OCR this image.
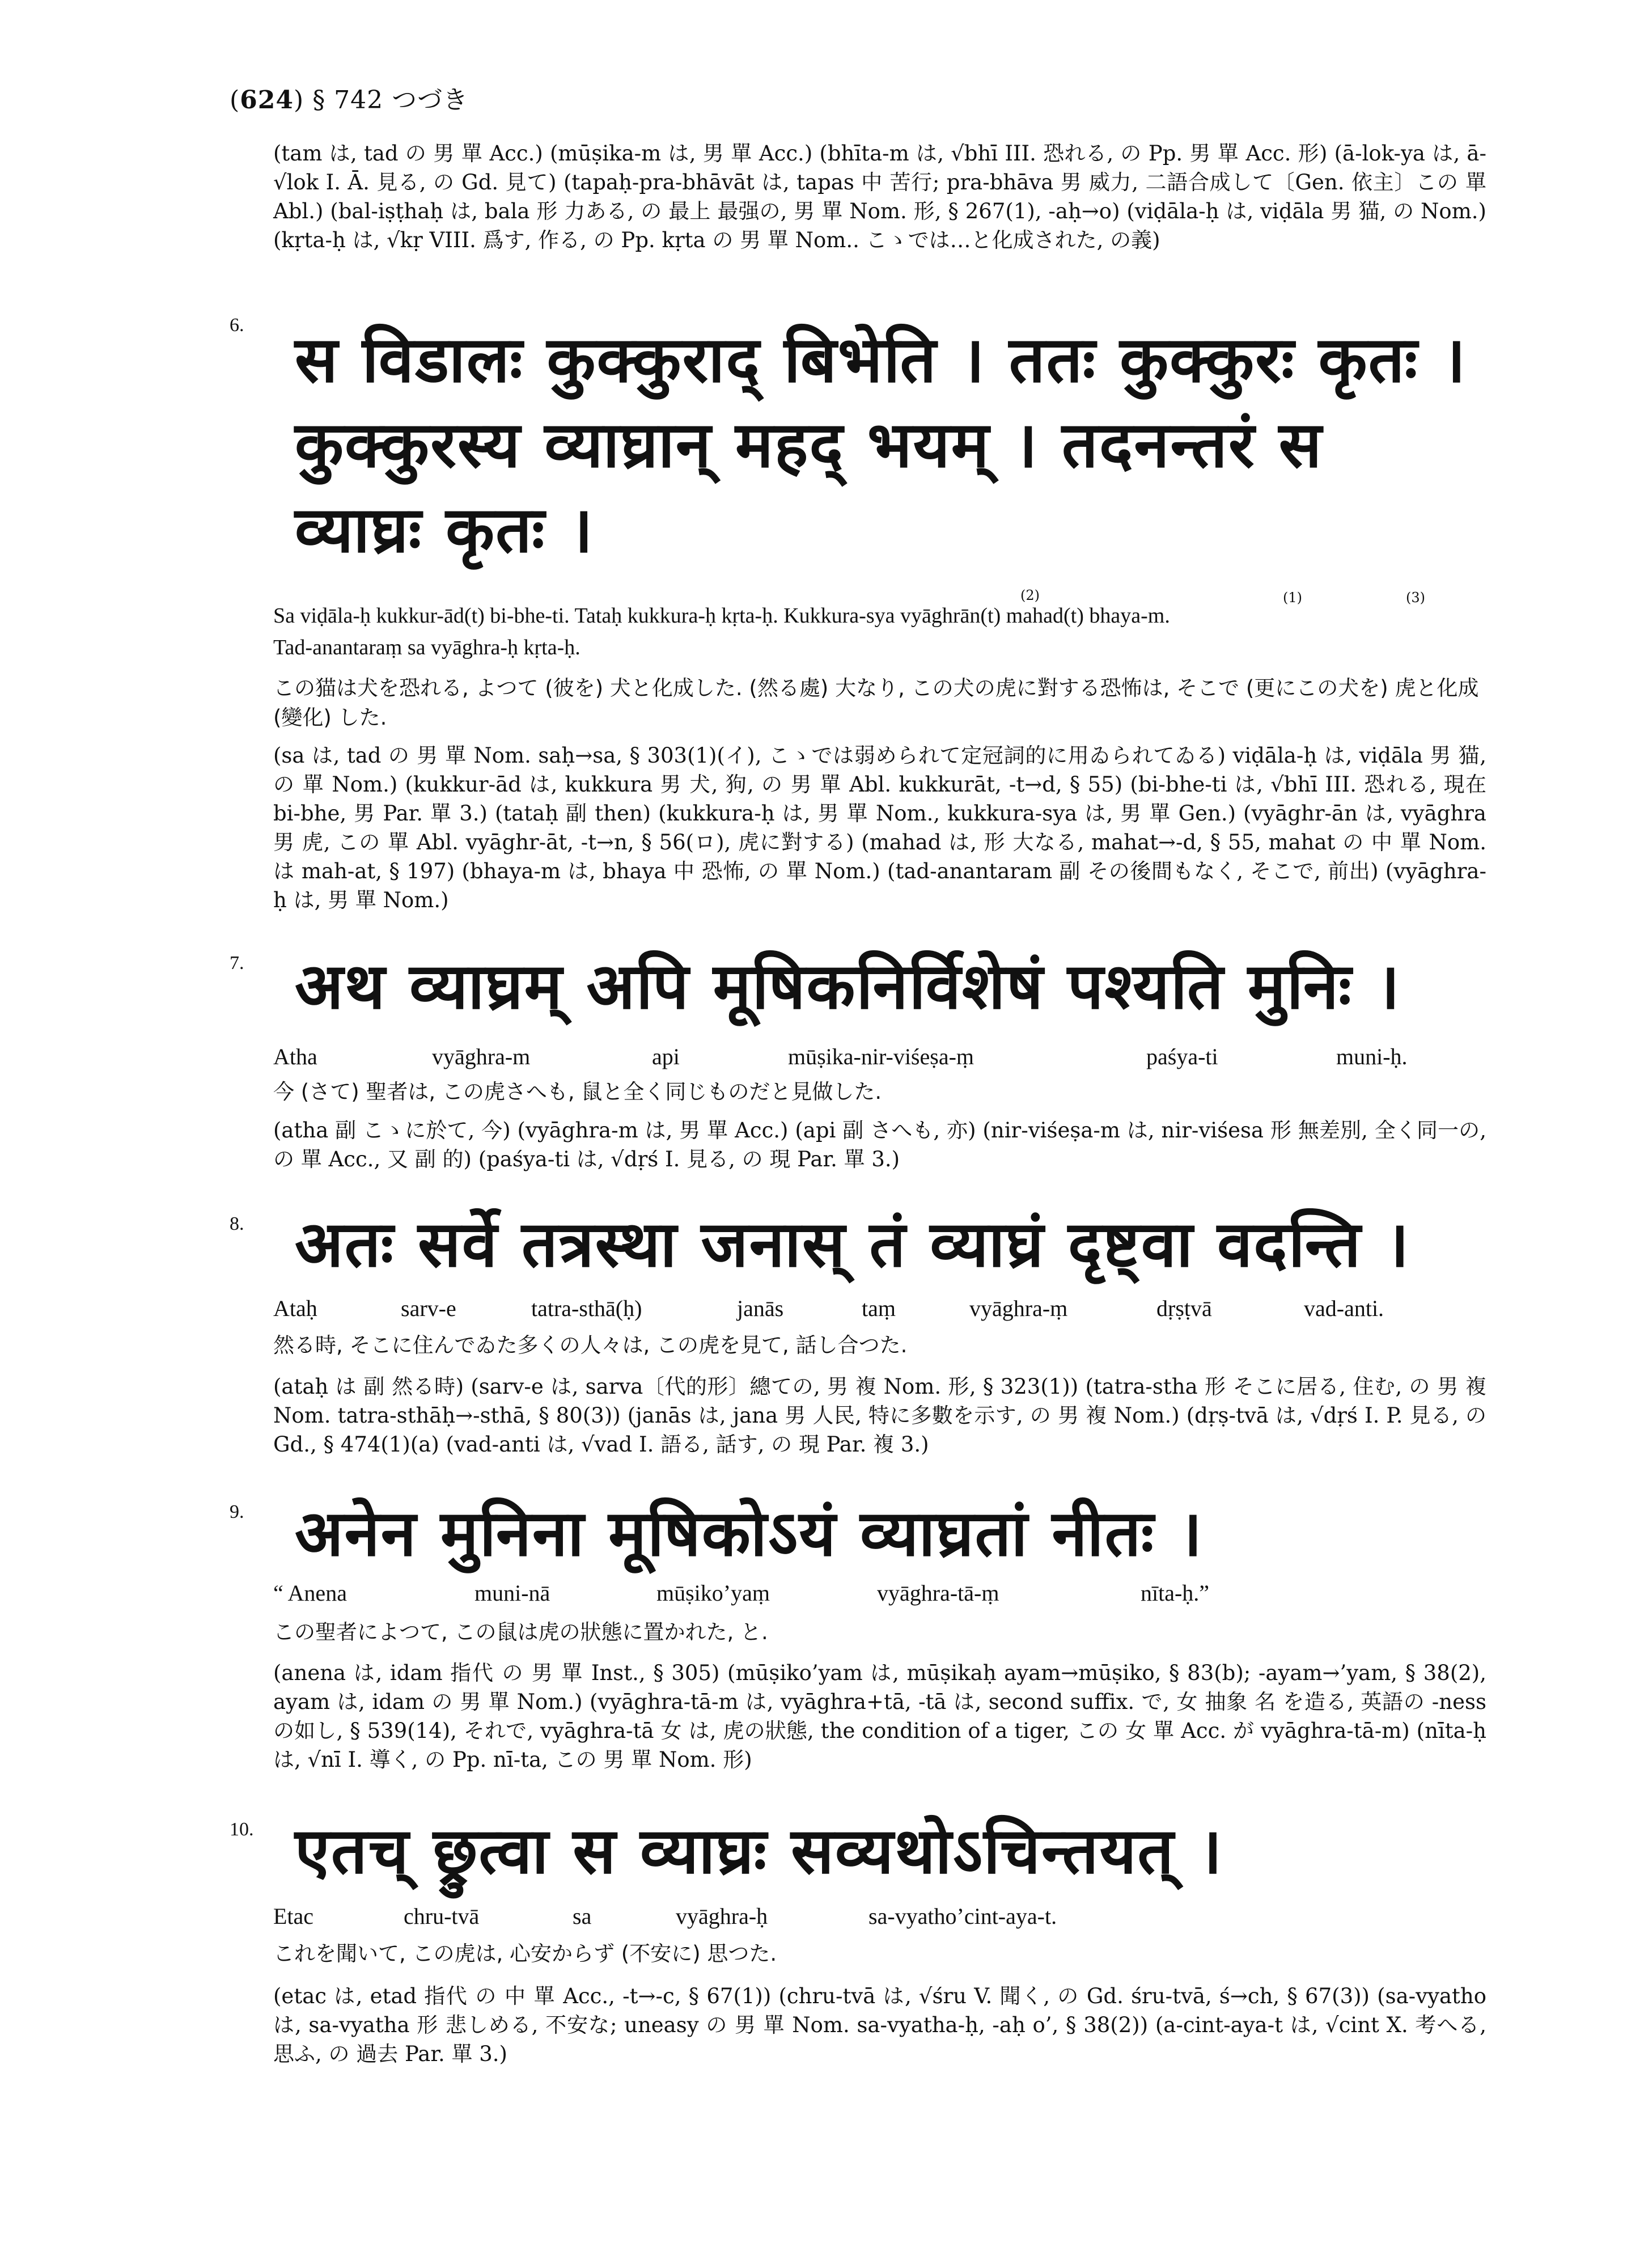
(624) § 742 つづき
(tam は, tad の 男 單 Acc.) (mūṣika-m は, 男 單 Acc.) (bhīta-m は, √bhī III. 恐れる, の Pp. 男 單 Acc. 形) (ā-lok-ya は, ā-√lok I. Ā. 見る, の Gd. 見て) (tapaḥ-pra-bhāvāt は, tapas 中 苦行; pra-bhāva 男 威力, 二語合成して〔Gen. 依主〕この 單 Abl.) (bal-iṣṭhaḥ は, bala 形 力ある, の 最上 最强の, 男 單 Nom. 形, § 267(1), -aḥ→o) (viḍāla-ḥ は, viḍāla 男 猫, の Nom.) (kṛta-ḥ は, √kṛ VIII. 爲す, 作る, の Pp. kṛta の 男 單 Nom.. こゝでは…と化成された, の義)
6. स विडालः कुक्कुराद् बिभेति । ततः कुक्कुरः कृतः ।
कुक्कुरस्य व्याघ्रान् महद् भयम् । तदनन्तरं स
व्याघ्रः कृतः ।
(2)	(1)	(3)
Sa viḍāla-ḥ kukkur-ād(t) bi-bhe-ti. Tataḥ kukkura-ḥ kṛta-ḥ. Kukkura-sya vyāghrān(t) mahad(t) bhaya-m.
Tad-anantaraṃ sa vyāghra-ḥ kṛta-ḥ.
この猫は犬を恐れる, よつて (彼を) 犬と化成した. (然る處) 大なり, この犬の虎に對する恐怖は, そこで (更にこの犬を) 虎と化成 (變化) した.
(sa は, tad の 男 單 Nom. saḥ→sa, § 303(1)(イ), こゝでは弱められて定冠詞的に用ゐられてゐる) viḍāla-ḥ は, viḍāla 男 猫, の 單 Nom.) (kukkur-ād は, kukkura 男 犬, 狗, の 男 單 Abl. kukkurāt, -t→d, § 55) (bi-bhe-ti は, √bhī III. 恐れる, 現在 bi-bhe, 男 Par. 單 3.) (tataḥ 副 then) (kukkura-ḥ は, 男 單 Nom., kukkura-sya は, 男 單 Gen.) (vyāghr-ān は, vyāghra 男 虎, この 單 Abl. vyāghr-āt, -t→n, § 56(ロ), 虎に對する) (mahad は, 形 大なる, mahat→-d, § 55, mahat の 中 單 Nom. は mah-at, § 197) (bhaya-m は, bhaya 中 恐怖, の 單 Nom.) (tad-anantaram 副 その後間もなく, そこで, 前出) (vyāghra-ḥ は, 男 單 Nom.)
7. अथ व्याघ्रम् अपि मूषिकनिर्विशेषं पश्यति मुनिः ।
Atha	vyāghra-m	api	mūṣika-nir-viśeṣa-ṃ	paśya-ti	muni-ḥ.
今 (さて) 聖者は, この虎さへも, 鼠と全く同じものだと見做した.
(atha 副 こゝに於て, 今) (vyāghra-m は, 男 單 Acc.) (api 副 さへも, 亦) (nir-viśeṣa-m は, nir-viśesa 形 無差別, 全く同一の, の 單 Acc., 又 副 的) (paśya-ti は, √dṛś I. 見る, の 現 Par. 單 3.)
8. अतः सर्वे तत्रस्था जनास् तं व्याघ्रं दृष्ट्वा वदन्ति ।
Ataḥ	sarv-e	tatra-sthā(ḥ)	janās	taṃ	vyāghra-ṃ	dṛṣṭvā	vad-anti.
然る時, そこに住んでゐた多くの人々は, この虎を見て, 話し合つた.
(ataḥ は 副 然る時) (sarv-e は, sarva〔代的形〕總ての, 男 複 Nom. 形, § 323(1)) (tatra-stha 形 そこに居る, 住む, の 男 複 Nom. tatra-sthāḥ→-sthā, § 80(3)) (janās は, jana 男 人民, 特に多數を示す, の 男 複 Nom.) (dṛṣ-tvā は, √dṛś I. P. 見る, の Gd., § 474(1)(a) (vad-anti は, √vad I. 語る, 話す, の 現 Par. 複 3.)
9. अनेन मुनिना मूषिकोऽयं व्याघ्रतां नीतः ।
“ Anena	muni-nā	mūṣiko’yaṃ	vyāghra-tā-ṃ	nīta-ḥ.”
この聖者によつて, この鼠は虎の狀態に置かれた, と.
(anena は, idam 指代 の 男 單 Inst., § 305) (mūṣiko’yam は, mūṣikaḥ ayam→mūṣiko, § 83(b); -ayam→’yam, § 38(2), ayam は, idam の 男 單 Nom.) (vyāghra-tā-m は, vyāghra+tā, -tā は, second suffix. で, 女 抽象 名 を造る, 英語の -ness の如し, § 539(14), それで, vyāghra-tā 女 は, 虎の狀態, the condition of a tiger, この 女 單 Acc. が vyāghra-tā-m) (nīta-ḥ は, √nī I. 導く, の Pp. nī-ta, この 男 單 Nom. 形)
10. एतच् छ्रुत्वा स व्याघ्रः सव्यथोऽचिन्तयत् ।
Etac	chru-tvā	sa	vyāghra-ḥ	sa-vyatho’cint-aya-t.
これを聞いて, この虎は, 心安からず (不安に) 思つた.
(etac は, etad 指代 の 中 單 Acc., -t→-c, § 67(1)) (chru-tvā は, √śru V. 聞く, の Gd. śru-tvā, ś→ch, § 67(3)) (sa-vyatho は, sa-vyatha 形 悲しめる, 不安な; uneasy の 男 單 Nom. sa-vyatha-ḥ, -aḥ o’, § 38(2)) (a-cint-aya-t は, √cint X. 考へる, 思ふ, の 過去 Par. 單 3.)
